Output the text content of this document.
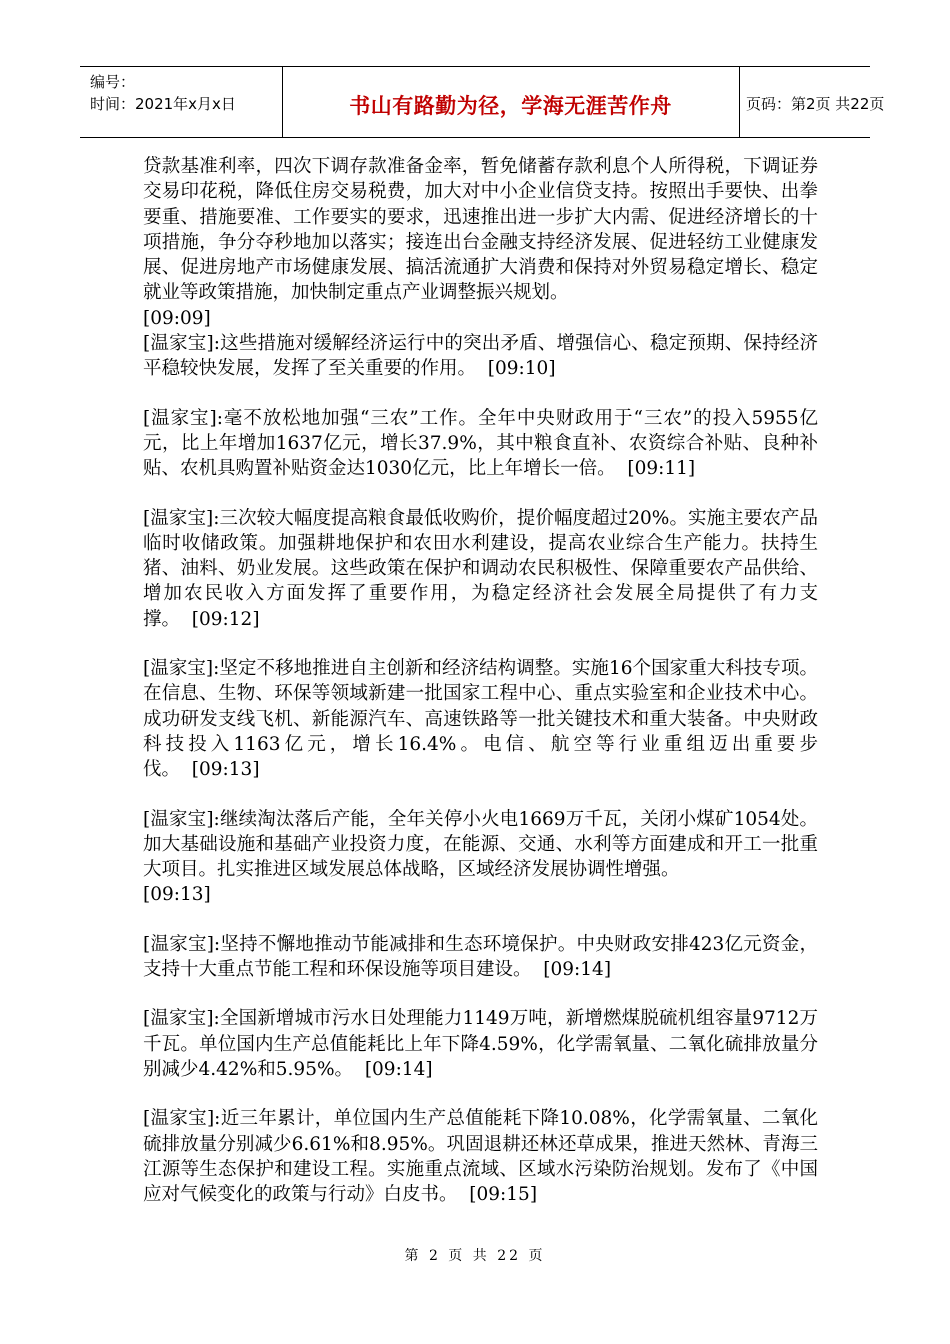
编号：
时间：2021年x月x日	书山有路勤为径，学海无涯苦作舟	页码：第2页 共22页

贷款基准利率，四次下调存款准备金率，暂免储蓄存款利息个人所得税，下调证券交易印花税，降低住房交易税费，加大对中小企业信贷支持。按照出手要快、出拳要重、措施要准、工作要实的要求，迅速推出进一步扩大内需、促进经济增长的十项措施，争分夺秒地加以落实；接连出台金融支持经济发展、促进轻纺工业健康发展、促进房地产市场健康发展、搞活流通扩大消费和保持对外贸易稳定增长、稳定就业等政策措施，加快制定重点产业调整振兴规划。
[09:09]

[温家宝]:这些措施对缓解经济运行中的突出矛盾、增强信心、稳定预期、保持经济平稳较快发展，发挥了至关重要的作用。 [09:10]

[温家宝]:毫不放松地加强“三农”工作。全年中央财政用于“三农”的投入5955亿元，比上年增加1637亿元，增长37.9%，其中粮食直补、农资综合补贴、良种补贴、农机具购置补贴资金达1030亿元，比上年增长一倍。 [09:11]

[温家宝]:三次较大幅度提高粮食最低收购价，提价幅度超过20%。实施主要农产品临时收储政策。加强耕地保护和农田水利建设，提高农业综合生产能力。扶持生猪、油料、奶业发展。这些政策在保护和调动农民积极性、保障重要农产品供给、增加农民收入方面发挥了重要作用，为稳定经济社会发展全局提供了有力支撑。 [09:12]

[温家宝]:坚定不移地推进自主创新和经济结构调整。实施16个国家重大科技专项。在信息、生物、环保等领域新建一批国家工程中心、重点实验室和企业技术中心。成功研发支线飞机、新能源汽车、高速铁路等一批关键技术和重大装备。中央财政科技投入1163亿元，增长16.4%。电信、航空等行业重组迈出重要步伐。 [09:13]

[温家宝]:继续淘汰落后产能，全年关停小火电1669万千瓦，关闭小煤矿1054处。加大基础设施和基础产业投资力度，在能源、交通、水利等方面建成和开工一批重大项目。扎实推进区域发展总体战略，区域经济发展协调性增强。
[09:13]

[温家宝]:坚持不懈地推动节能减排和生态环境保护。中央财政安排423亿元资金，支持十大重点节能工程和环保设施等项目建设。 [09:14]

[温家宝]:全国新增城市污水日处理能力1149万吨，新增燃煤脱硫机组容量9712万千瓦。单位国内生产总值能耗比上年下降4.59%，化学需氧量、二氧化硫排放量分别减少4.42%和5.95%。 [09:14]

[温家宝]:近三年累计，单位国内生产总值能耗下降10.08%，化学需氧量、二氧化硫排放量分别减少6.61%和8.95%。巩固退耕还林还草成果，推进天然林、青海三江源等生态保护和建设工程。实施重点流域、区域水污染防治规划。发布了《中国应对气候变化的政策与行动》白皮书。 [09:15]

第 2 页 共 22 页
